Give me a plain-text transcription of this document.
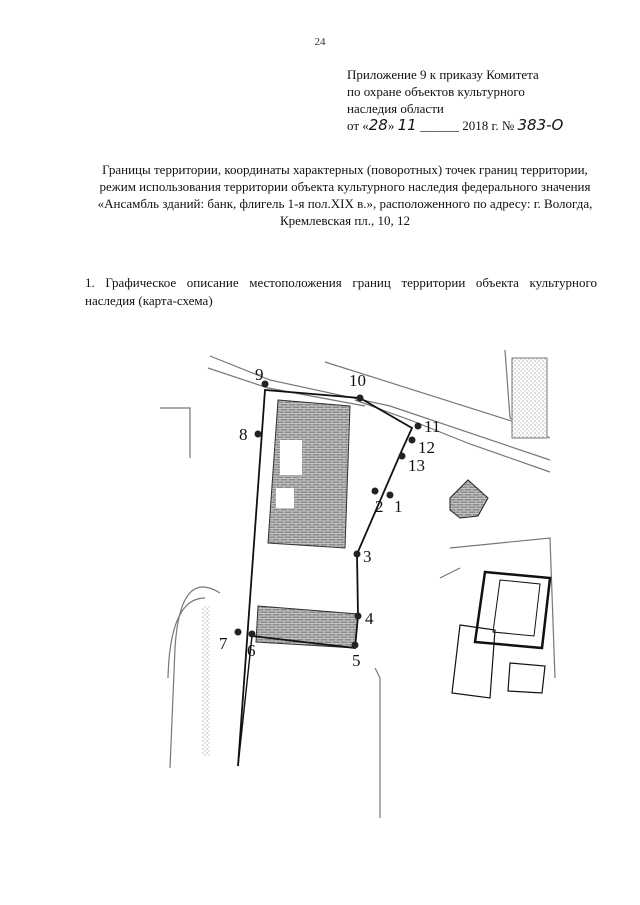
24
Приложение 9 к приказу Комитета
по охране объектов культурного
наследия области
от «28» 11 ______ 2018 г. № 383-О
Границы территории, координаты характерных (поворотных) точек границ территории, режим использования территории объекта культурного наследия федерального значения «Ансамбль зданий: банк, флигель 1-я пол.XIX в.», расположенного по адресу: г. Вологда, Кремлевская пл., 10, 12
1. Графическое описание местоположения границ территории объекта культурного наследия (карта-схема)
1
2
3
4
5
6
7
8
9	10
11
12
13
